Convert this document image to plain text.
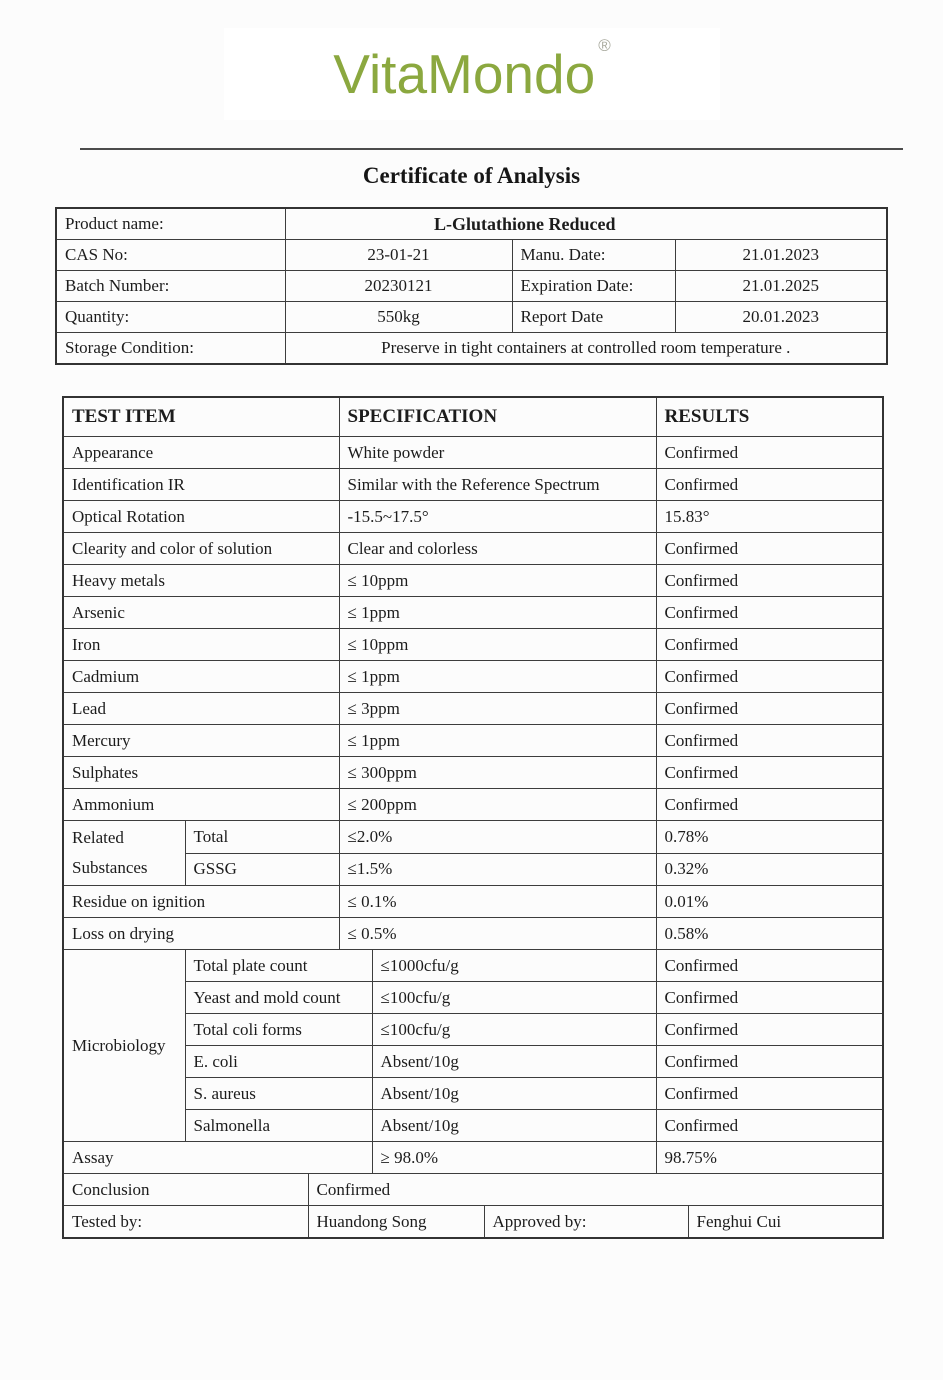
VitaMondo ®
Certificate of Analysis
Product name:	L-Glutathione Reduced		
CAS No:	23-01-21	Manu. Date:	21.01.2023
Batch Number:	20230121	Expiration Date:	21.01.2025
Quantity:	550kg	Report Date	20.01.2023
Storage Condition:	Preserve in tight containers at controlled room temperature .		
TEST ITEM			SPECIFICATION			RESULTS	
Appearance			White powder			Confirmed	
Identification IR			Similar with the Reference Spectrum			Confirmed	
Optical Rotation			-15.5~17.5°			15.83°	
Clearity and color of solution			Clear and colorless			Confirmed	
Heavy metals			≤ 10ppm			Confirmed	
Arsenic			≤ 1ppm			Confirmed	
Iron			≤ 10ppm			Confirmed	
Cadmium			≤ 1ppm			Confirmed	
Lead			≤ 3ppm			Confirmed	
Mercury			≤ 1ppm			Confirmed	
Sulphates			≤ 300ppm			Confirmed	
Ammonium			≤ 200ppm			Confirmed	
Related Substances	Total		≤2.0%			0.78%	
	GSSG		≤1.5%			0.32%	
Residue on ignition			≤ 0.1%			0.01%	
Loss on drying			≤ 0.5%			0.58%	
Microbiology	Total plate count			≤1000cfu/g		Confirmed	
	Yeast and mold count			≤100cfu/g		Confirmed	
	Total coli forms			≤100cfu/g		Confirmed	
	E. coli			Absent/10g		Confirmed	
	S. aureus			Absent/10g		Confirmed	
	Salmonella			Absent/10g		Confirmed	
Assay				≥ 98.0%		98.75%	
Conclusion		Confirmed					
Tested by:		Huandong Song			Approved by:		Fenghui Cui
